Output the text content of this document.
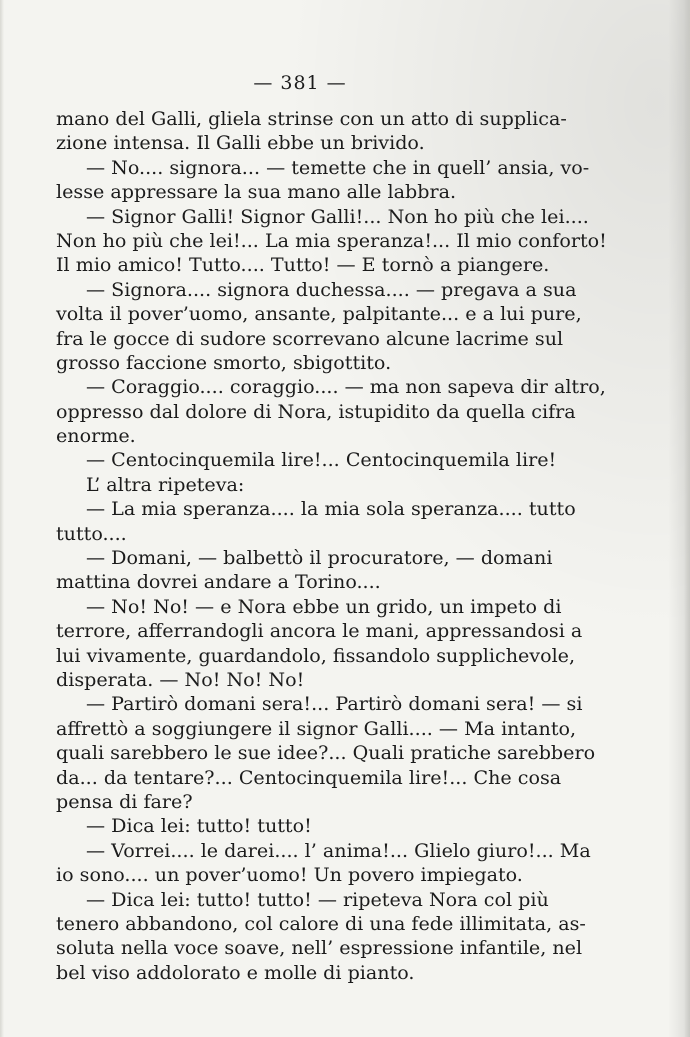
— 381 —
mano del Galli, gliela strinse con un atto di supplica-
zione intensa. Il Galli ebbe un brivido.
— No.... signora... — temette che in quell’ ansia, vo-
lesse appressare la sua mano alle labbra.
— Signor Galli! Signor Galli!... Non ho più che lei....
Non ho più che lei!... La mia speranza!... Il mio conforto!
Il mio amico! Tutto.... Tutto! — E tornò a piangere.
— Signora.... signora duchessa.... — pregava a sua
volta il pover’uomo, ansante, palpitante... e a lui pure,
fra le gocce di sudore scorrevano alcune lacrime sul
grosso faccione smorto, sbigottito.
— Coraggio.... coraggio.... — ma non sapeva dir altro,
oppresso dal dolore di Nora, istupidito da quella cifra
enorme.
— Centocinquemila lire!... Centocinquemila lire!
L’ altra ripeteva:
— La mia speranza.... la mia sola speranza.... tutto
tutto....
— Domani, — balbettò il procuratore, — domani
mattina dovrei andare a Torino....
— No! No! — e Nora ebbe un grido, un impeto di
terrore, afferrandogli ancora le mani, appressandosi a
lui vivamente, guardandolo, fissandolo supplichevole,
disperata. — No! No! No!
— Partirò domani sera!... Partirò domani sera! — si
affrettò a soggiungere il signor Galli.... — Ma intanto,
quali sarebbero le sue idee?... Quali pratiche sarebbero
da... da tentare?... Centocinquemila lire!... Che cosa
pensa di fare?
— Dica lei: tutto! tutto!
— Vorrei.... le darei.... l’ anima!... Glielo giuro!... Ma
io sono.... un pover’uomo! Un povero impiegato.
— Dica lei: tutto! tutto! — ripeteva Nora col più
tenero abbandono, col calore di una fede illimitata, as-
soluta nella voce soave, nell’ espressione infantile, nel
bel viso addolorato e molle di pianto.
